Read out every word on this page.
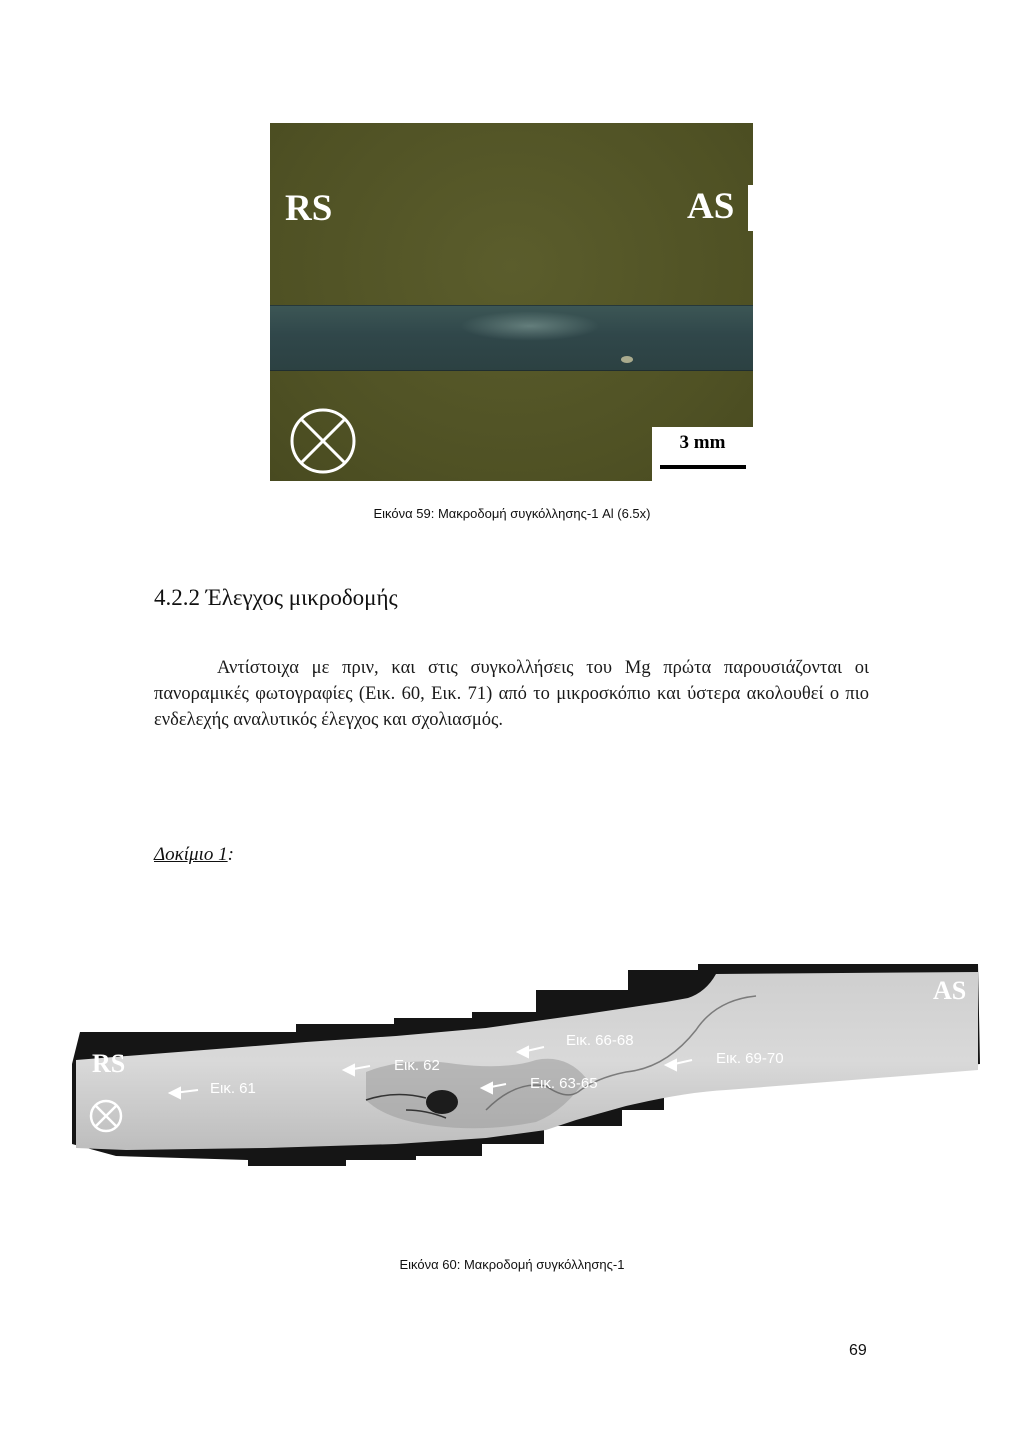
RS	AS

3 mm

Εικόνα 59: Μακροδομή συγκόλλησης-1 Al (6.5x)

4.2.2 Έλεγχος μικροδομής

Αντίστοιχα με πριν, και στις συγκολλήσεις του Mg πρώτα παρουσιάζονται οι πανοραμικές φωτογραφίες (Εικ. 60, Εικ. 71) από το μικροσκόπιο και ύστερα ακολουθεί ο πιο ενδελεχής αναλυτικός έλεγχος και σχολιασμός.

Δοκίμιο 1:

RS

AS

Εικ. 61

Εικ. 62

Εικ. 63-65

Εικ. 66-68

Εικ. 69-70

Εικόνα 60: Μακροδομή συγκόλλησης-1

69
